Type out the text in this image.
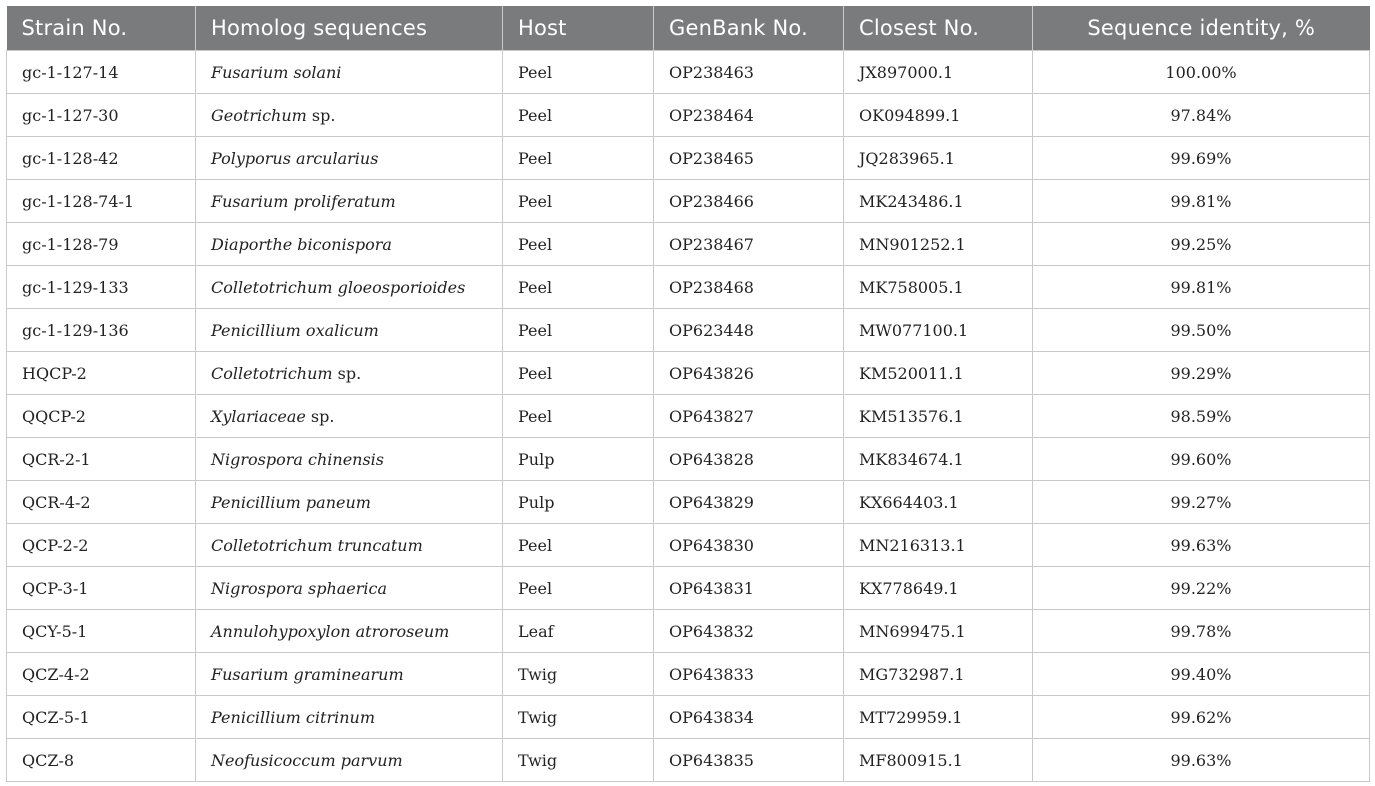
Strain No.	Homolog sequences	Host	GenBank No.	Closest No.	Sequence identity, %
gc-1-127-14	Fusarium solani	Peel	OP238463	JX897000.1	100.00%
gc-1-127-30	Geotrichum sp.	Peel	OP238464	OK094899.1	97.84%
gc-1-128-42	Polyporus arcularius	Peel	OP238465	JQ283965.1	99.69%
gc-1-128-74-1	Fusarium proliferatum	Peel	OP238466	MK243486.1	99.81%
gc-1-128-79	Diaporthe biconispora	Peel	OP238467	MN901252.1	99.25%
gc-1-129-133	Colletotrichum gloeosporioides	Peel	OP238468	MK758005.1	99.81%
gc-1-129-136	Penicillium oxalicum	Peel	OP623448	MW077100.1	99.50%
HQCP-2	Colletotrichum sp.	Peel	OP643826	KM520011.1	99.29%
QQCP-2	Xylariaceae sp.	Peel	OP643827	KM513576.1	98.59%
QCR-2-1	Nigrospora chinensis	Pulp	OP643828	MK834674.1	99.60%
QCR-4-2	Penicillium paneum	Pulp	OP643829	KX664403.1	99.27%
QCP-2-2	Colletotrichum truncatum	Peel	OP643830	MN216313.1	99.63%
QCP-3-1	Nigrospora sphaerica	Peel	OP643831	KX778649.1	99.22%
QCY-5-1	Annulohypoxylon atroroseum	Leaf	OP643832	MN699475.1	99.78%
QCZ-4-2	Fusarium graminearum	Twig	OP643833	MG732987.1	99.40%
QCZ-5-1	Penicillium citrinum	Twig	OP643834	MT729959.1	99.62%
QCZ-8	Neofusicoccum parvum	Twig	OP643835	MF800915.1	99.63%
